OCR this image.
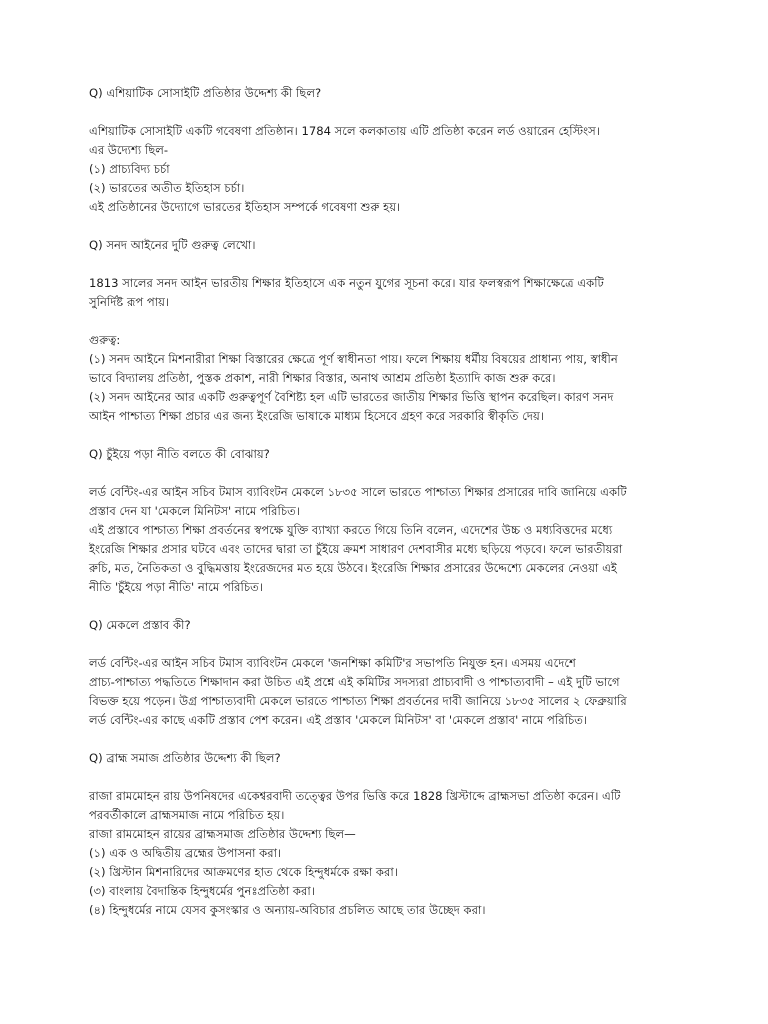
Q) এশিয়াটিক সোসাইটি প্রতিষ্ঠার উদ্দেশ্য কী ছিল?
এশিয়াটিক সোসাইটি একটি গবেষণা প্রতিষ্ঠান। 1784 সলে কলকাতায় এটি প্রতিষ্ঠা করেন লর্ড ওয়ারেন হেস্টিংস।
এর উদ্যেশ্য ছিল-
(১) প্রাচ্যবিদ্য চর্চা
(২) ভারতের অতীত ইতিহাস চর্চা।
এই প্রতিষ্ঠানের উদ্যোগে ভারতের ইতিহাস সম্পর্কে গবেষণা শুরু হয়।
Q) সনদ আইনের দুটি গুরুত্ব লেখো।
1813 সালের সনদ আইন ভারতীয় শিক্ষার ইতিহাসে এক নতুন যুগের সূচনা করে। যার ফলস্বরূপ শিক্ষাক্ষেত্রে একটি
সুনির্দিষ্ট রূপ পায়।
গুরুত্ব:
(১) সনদ আইনে মিশনারীরা শিক্ষা বিস্তারের ক্ষেত্রে পূর্ণ স্বাধীনতা পায়। ফলে শিক্ষায় ধর্মীয় বিষয়ের প্রাধান্য পায়, স্বাধীন
ভাবে বিদ্যালয় প্রতিষ্ঠা, পুস্তক প্রকাশ, নারী শিক্ষার বিস্তার, অনাথ আশ্রম প্রতিষ্ঠা ইত্যাদি কাজ শুরু করে।
(২) সনদ আইনের আর একটি গুরুত্বপূর্ণ বৈশিষ্ট্য হল এটি ভারতের জাতীয় শিক্ষার ভিত্তি স্থাপন করেছিল। কারণ সনদ
আইন পাশ্চাত্য শিক্ষা প্রচার এর জন্য ইংরেজি ভাষাকে মাধ্যম হিসেবে গ্রহণ করে সরকারি স্বীকৃতি দেয়।
Q) চুঁইয়ে পড়া নীতি বলতে কী বোঝায়?
লর্ড বেন্টিং-এর আইন সচিব টমাস ব্যাবিংটন মেকলে ১৮৩৫ সালে ভারতে পাশ্চাত্য শিক্ষার প্রসারের দাবি জানিয়ে একটি
প্রস্তাব দেন যা 'মেকলে মিনিটস' নামে পরিচিত।
এই প্রস্তাবে পাশ্চাত্য শিক্ষা প্রবর্তনের স্বপক্ষে যুক্তি ব্যাখ্যা করতে গিয়ে তিনি বলেন, এদেশের উচ্চ ও মধ্যবিত্তদের মধ্যে
ইংরেজি শিক্ষার প্রসার ঘটবে এবং তাদের দ্বারা তা চুঁইয়ে ক্রমশ সাধারণ দেশবাসীর মধ্যে ছড়িয়ে পড়বে। ফলে ভারতীয়রা
রুচি, মত, নৈতিকতা ও বুদ্ধিমত্তায় ইংরেজদের মত হয়ে উঠবে। ইংরেজি শিক্ষার প্রসারের উদ্দেশ্যে মেকলের নেওয়া এই
নীতি 'চুঁইয়ে পড়া নীতি' নামে পরিচিত।
Q) মেকলে প্রস্তাব কী?
লর্ড বেন্টিং-এর আইন সচিব টমাস ব্যাবিংটন মেকলে 'জনশিক্ষা কমিটি'র সভাপতি নিযুক্ত হন। এসময় এদেশে
প্রাচ্য-পাশ্চাত্য পদ্ধতিতে শিক্ষাদান করা উচিত এই প্রশ্নে এই কমিটির সদস্যরা প্রাচ্যবাদী ও পাশ্চাত্যবাদী – এই দুটি ভাগে
বিভক্ত হয়ে পড়েন। উগ্র পাশ্চাত্যবাদী মেকলে ভারতে পাশ্চাত্য শিক্ষা প্রবর্তনের দাবী জানিয়ে ১৮৩৫ সালের ২ ফেব্রুয়ারি
লর্ড বেন্টিং-এর কাছে একটি প্রস্তাব পেশ করেন। এই প্রস্তাব 'মেকলে মিনিটস' বা 'মেকলে প্রস্তাব' নামে পরিচিত।
Q) ব্রাহ্ম সমাজ প্রতিষ্ঠার উদ্দেশ্য কী ছিল?
রাজা রামমোহন রায় উপনিষদের একেশ্বরবাদী তত্ত্বের উপর ভিত্তি করে 1828 খ্রিস্টাব্দে ব্রাহ্মসভা প্রতিষ্ঠা করেন। এটি
পরবর্তীকালে ব্রাহ্মসমাজ নামে পরিচিত হয়।
রাজা রামমোহন রায়ের ব্রাহ্মসমাজ প্রতিষ্ঠার উদ্দেশ্য ছিল—
(১) এক ও অদ্বিতীয় ব্রহ্মের উপাসনা করা।
(২) খ্রিস্টান মিশনারিদের আক্রমণের হাত থেকে হিন্দুধর্মকে রক্ষা করা।
(৩) বাংলায় বৈদান্তিক হিন্দুধর্মের পুনঃপ্রতিষ্ঠা করা।
(৪) হিন্দুধর্মের নামে যেসব কুসংস্কার ও অন্যায়-অবিচার প্রচলিত আছে তার উচ্ছেদ করা।
